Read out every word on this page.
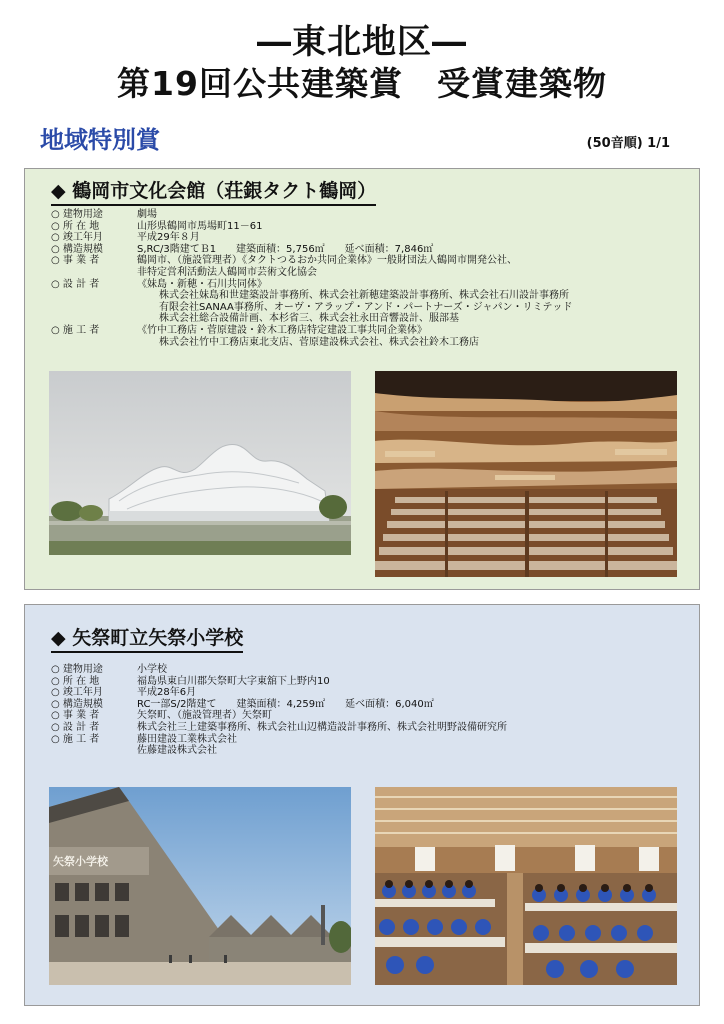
―東北地区―
第19回公共建築賞　受賞建築物
地域特別賞	(50音順) 1/1
◆ 鶴岡市文化会館（荘銀タクト鶴岡）
○ 建物用途	劇場
○ 所 在 地	山形県鶴岡市馬場町11－61
○ 竣工年月	平成29年８月
○ 構造規模	S,RC/3階建てＢ1　　建築面積：5,756㎡　　延べ面積：7,846㎡
○ 事 業 者	鶴岡市、（施設管理者）《タクトつるおか共同企業体》一般財団法人鶴岡市開発公社、
非特定営利活動法人鶴岡市芸術文化協会
○ 設 計 者	《妹島・新穂・石川共同体》
株式会社妹島和世建築設計事務所、株式会社新穂建築設計事務所、株式会社石川設計事務所
有限会社SANAA事務所、オーヴ・アラップ・アンド・パートナーズ・ジャパン・リミテッド
株式会社総合設備計画、本杉省三、株式会社永田音響設計、服部基
○ 施 工 者	《竹中工務店・菅原建設・鈴木工務店特定建設工事共同企業体》
株式会社竹中工務店東北支店、菅原建設株式会社、株式会社鈴木工務店
◆ 矢祭町立矢祭小学校
○ 建物用途	小学校
○ 所 在 地	福島県東白川郡矢祭町大字東舘下上野内10
○ 竣工年月	平成28年6月
○ 構造規模	RC一部S/2階建て　　建築面積：4,259㎡　　延べ面積：6,040㎡
○ 事 業 者	矢祭町、（施設管理者）矢祭町
○ 設 計 者	株式会社三上建築事務所、株式会社山辺構造設計事務所、株式会社明野設備研究所
○ 施 工 者	藤田建設工業株式会社
佐藤建設株式会社
矢祭小学校
